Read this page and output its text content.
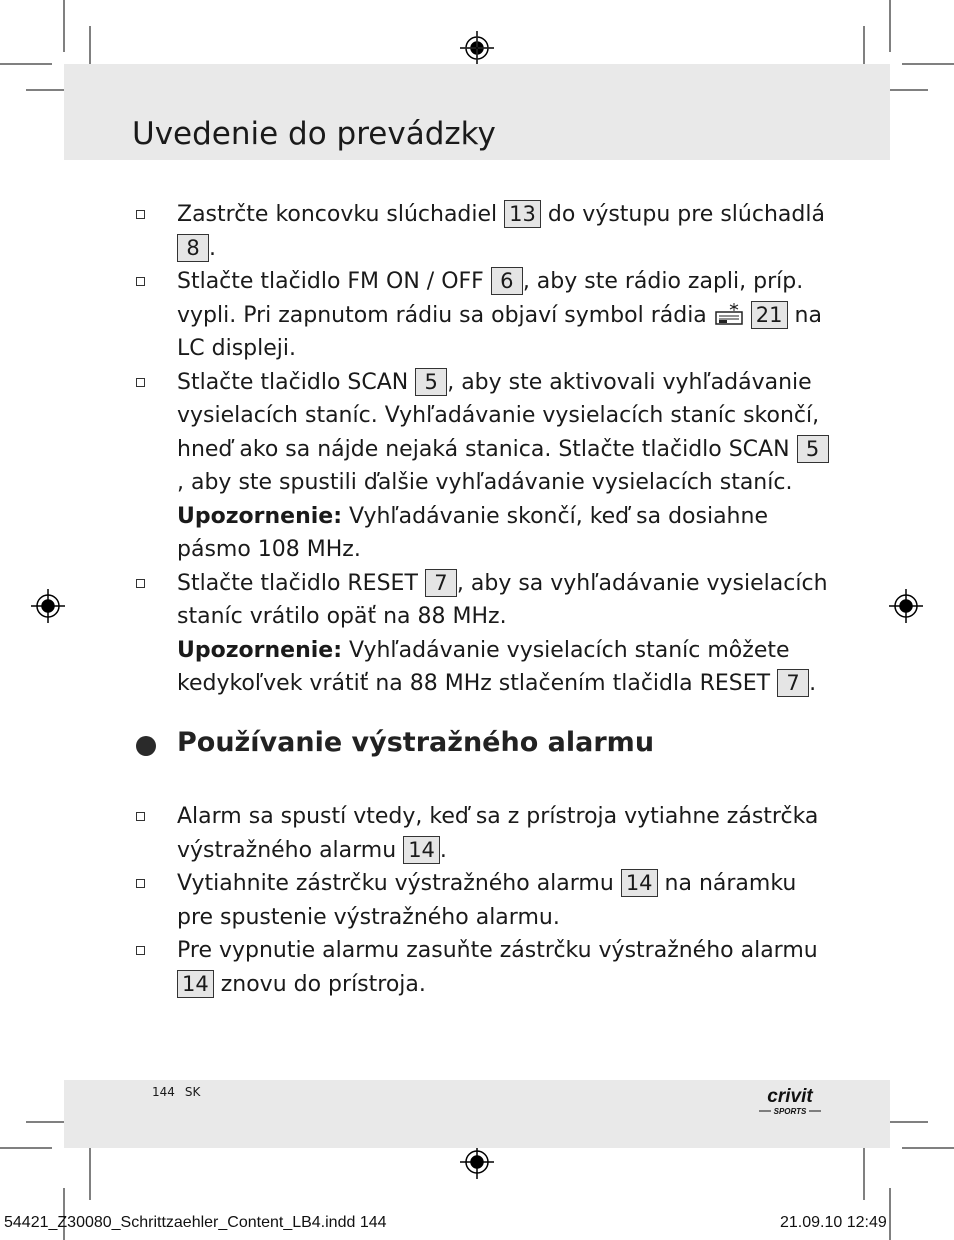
Uvedenie do prevádzky
Zastrčte koncovku slúchadiel 13 do výstupu pre slúchadlá 8 .
Stlačte tlačidlo FM ON / OFF 6 , aby ste rádio zapli, príp. vypli. Pri zapnutom rádiu sa objaví symbol rádia  21 na LC displeji.
Stlačte tlačidlo SCAN 5 , aby ste aktivovali vyhľadávanie vysielacích staníc. Vyhľadávanie vysielacích staníc skončí, hneď ako sa nájde nejaká stanica. Stlačte tlačidlo SCAN 5, aby ste spustili ďalšie vyhľadávanie vysielacích staníc.
Upozornenie: Vyhľadávanie skončí, keď sa dosiahne pásmo 108 MHz.
Stlačte tlačidlo RESET 7 , aby sa vyhľadávanie vysielacích staníc vrátilo opäť na 88 MHz.
Upozornenie: Vyhľadávanie vysielacích staníc môžete kedykoľvek vrátiť na 88 MHz stlačením tlačidla RESET 7 .
Používanie výstražného alarmu
Alarm sa spustí vtedy, keď sa z prístroja vytiahne zástrčka výstražného alarmu 14 .
Vytiahnite zástrčku výstražného alarmu 14 na náramku pre spustenie výstražného alarmu.
Pre vypnutie alarmu zasuňte zástrčku výstražného alarmu 14 znovu do prístroja.
144 SK	crivit
SPORTS
54421_Z30080_Schrittzaehler_Content_LB4.indd 144	21.09.10 12:49
